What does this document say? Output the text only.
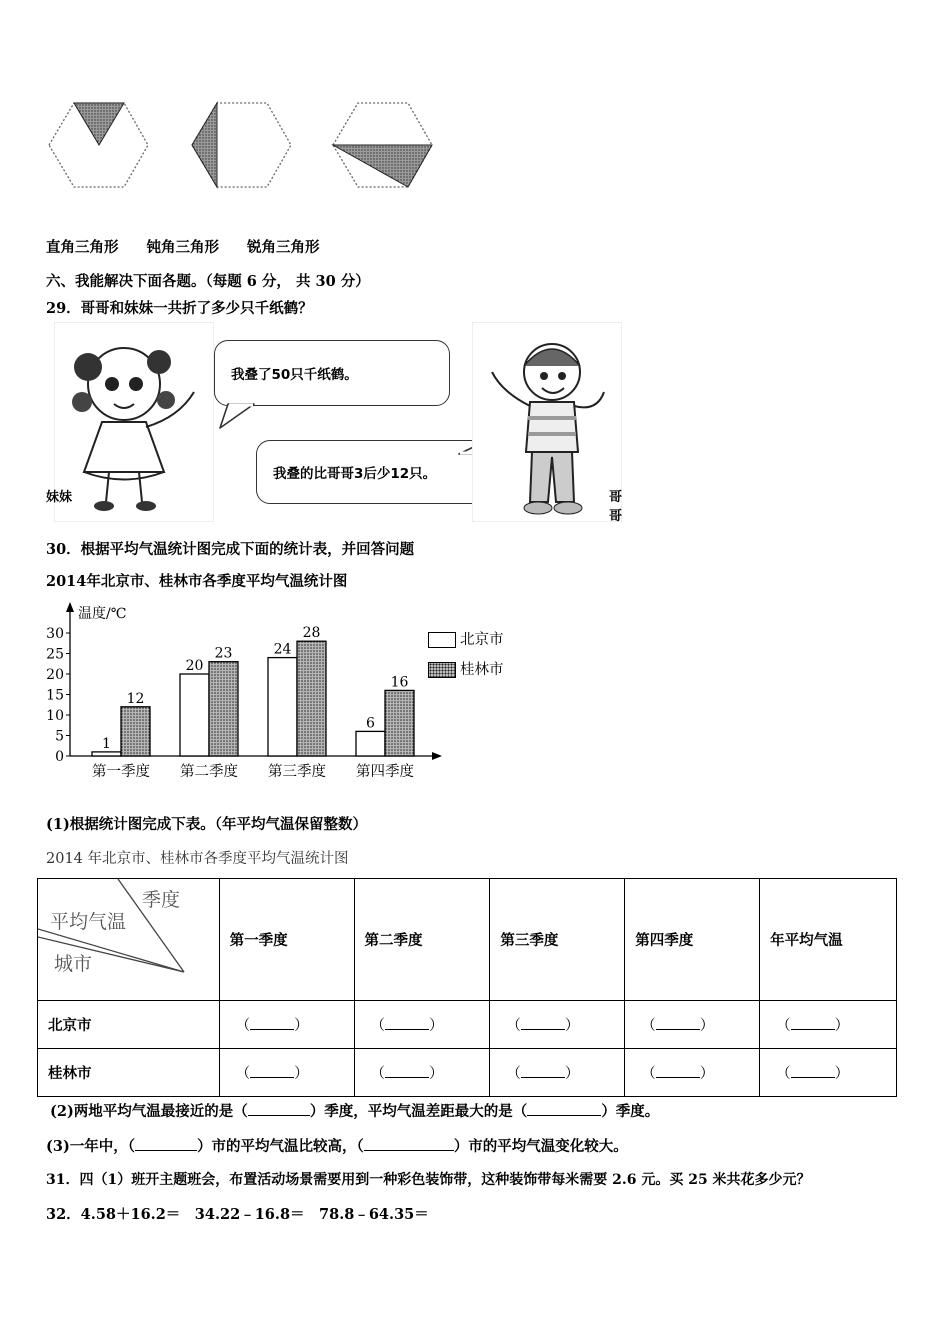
直角三角形 钝角三角形 锐角三角形
六、我能解决下面各题。（每题 6 分， 共 30 分）
29．哥哥和妹妹一共折了多少只千纸鹤？
妹妹
我叠了50只千纸鹤。
我叠的比哥哥3后少12只。
哥哥
30．根据平均气温统计图完成下面的统计表，并回答问题
2014年北京市、桂林市各季度平均气温统计图
温度/℃
0
5
10
15
20
25
30
1
12
第一季度
20
23
第二季度
24
28
第三季度
6
16
第四季度
北京市
桂林市
(1)根据统计图完成下表。（年平均气温保留整数）
2014 年北京市、桂林市各季度平均气温统计图
季度
平均气温
城市	第一季度	第二季度	第三季度	第四季度	年平均气温
北京市	（ ）	（ ）	（ ）	（ ）	（ ）
桂林市	（ ）	（ ）	（ ）	（ ）	（ ）
(2)两地平均气温最接近的是（	）季度，平均气温差距最大的是（	）季度。
(3)一年中，（	）市的平均气温比较高，（	）市的平均气温变化较大。
31．四（1）班开主题班会，布置活动场景需要用到一种彩色装饰带，这种装饰带每米需要 2.6 元。买 25 米共花多少元？
32．4.58＋16.2＝　34.22﹣16.8＝　78.8﹣64.35＝
